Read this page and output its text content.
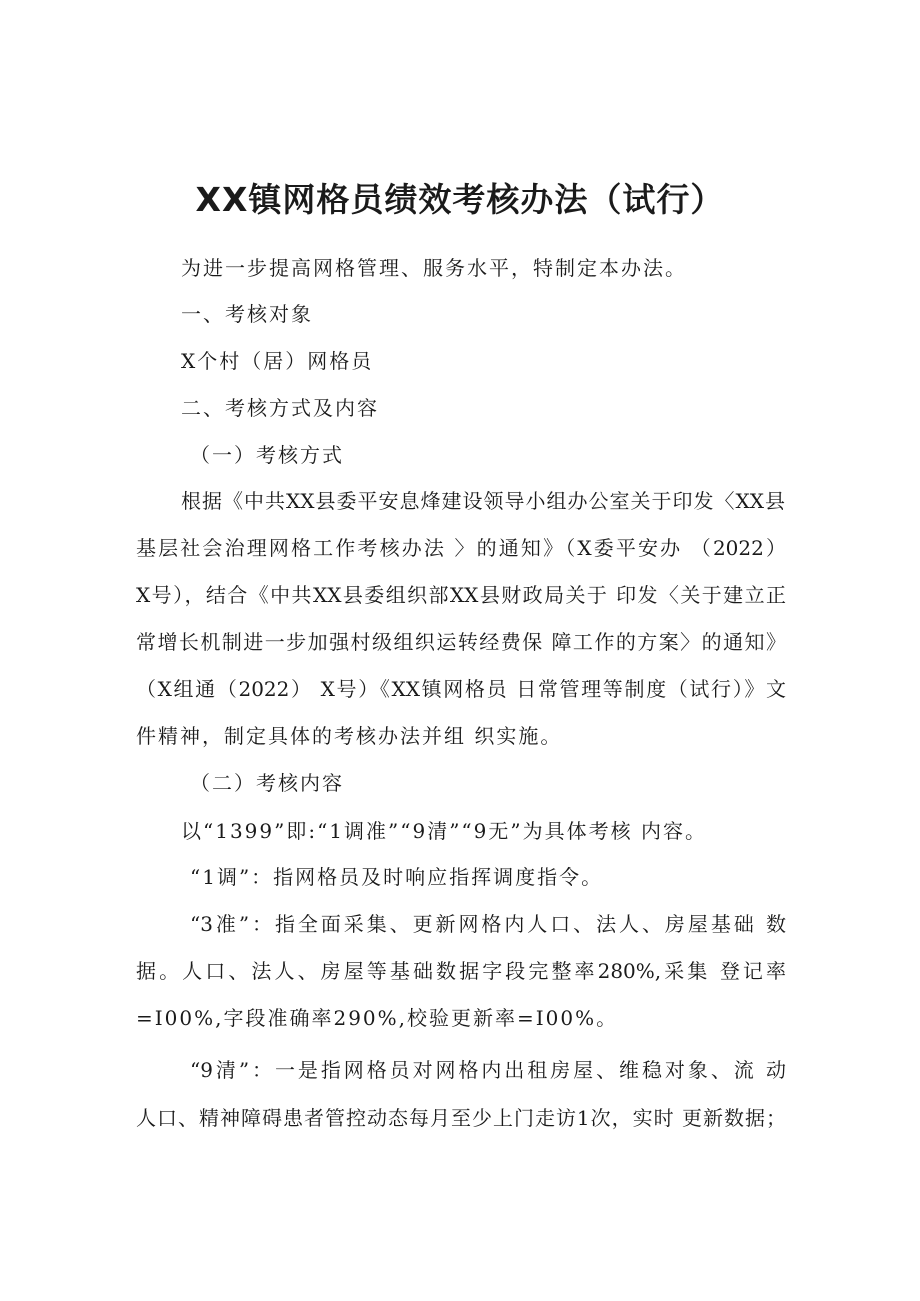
XX镇网格员绩效考核办法（试行）
为进一步提高网格管理、服务水平，特制定本办法。
一、考核对象
X个村（居）网格员
二、考核方式及内容
（一）考核方式
根据《中共XX县委平安息烽建设领导小组办公室关于印发〈XX县
基层社会治理网格工作考核办法 〉的通知》（X委平安办 （2022）
X号），结合《中共XX县委组织部XX县财政局关于 印发〈关于建立正
常增长机制进一步加强村级组织运转经费保 障工作的方案〉的通知》
（X组通（2022） X号）《XX镇网格员 日常管理等制度（试行）》文
件精神，制定具体的考核办法并组 织实施。
（二）考核内容
以“1399”即:“1调准”“9清”“9无”为具体考核 内容。
“1调”：指网格员及时响应指挥调度指令。
“3准”：指全面采集、更新网格内人口、法人、房屋基础 数
据。人口、法人、房屋等基础数据字段完整率280%,采集 登记率
=I00%,字段准确率290%,校验更新率=I00%。
“9清”：一是指网格员对网格内出租房屋、维稳对象、流 动
人口、精神障碍患者管控动态每月至少上门走访1次，实时 更新数据；
